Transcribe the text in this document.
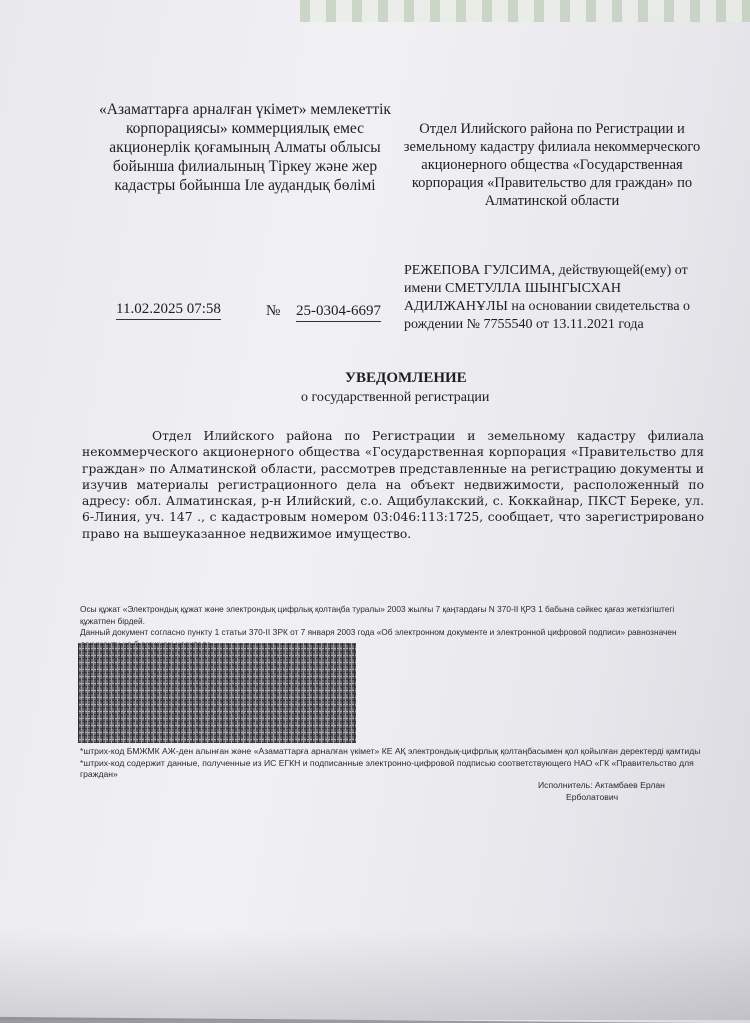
«Азаматтарға арналған үкімет» мемлекеттік корпорациясы» коммерциялық емес акционерлік қоғамының Алматы облысы бойынша филиалының Тіркеу және жер кадастры бойынша Іле аудандық бөлімі
Отдел Илийского района по Регистрации и земельному кадастру филиала некоммерческого акционерного общества «Государственная корпорация «Правительство для граждан» по Алматинской области
11.02.2025 07:58	№ 25-0304-6697
РЕЖЕПОВА ГУЛСИМА, действующей(ему) от имени СМЕТУЛЛА ШЫНГЫСХАН АДИЛЖАНҰЛЫ на основании свидетельства о рождении № 7755540 от 13.11.2021 года
УВЕДОМЛЕНИЕ
о государственной регистрации
Отдел Илийского района по Регистрации и земельному кадастру филиала некоммерческого акционерного общества «Государственная корпорация «Правительство для граждан» по Алматинской области, рассмотрев представленные на регистрацию документы и изучив материалы регистрационного дела на объект недвижимости, расположенный по адресу: обл. Алматинская, р-н Илийский, с.о. Ащибулакский, с. Коккайнар, ПКСТ Береке, ул. 6-Линия, уч. 147 ., с кадастровым номером 03:046:113:1725, сообщает, что зарегистрировано право на вышеуказанное недвижимое имущество.

Осы құжат «Электрондық құжат және электрондық цифрлық қолтаңба туралы» 2003 жылғы 7 қаңтардағы N 370-II ҚРЗ 1 бабына сәйкес қағаз жеткізгіштегі құжатпен бірдей.

Данный документ согласно пункту 1 статьи 370-II ЗРК от 7 января 2003 года «Об электронном документе и электронной цифровой подписи» равнозначен

*штрих-код БМЖМК АЖ-ден алынған және «Азаматтарға арналған үкімет» КЕ АҚ электрондық-цифрлық қолтаңбасымен қол қойылған деректерді қамтиды

*штрих-код содержит данные, полученные из ИС ЕГКН и подписанные электронно-цифровой подписью соответствующего НАО «ГК «Правительство для граждан»

Исполнитель: Актамбаев Ерлан
Ерболатович
